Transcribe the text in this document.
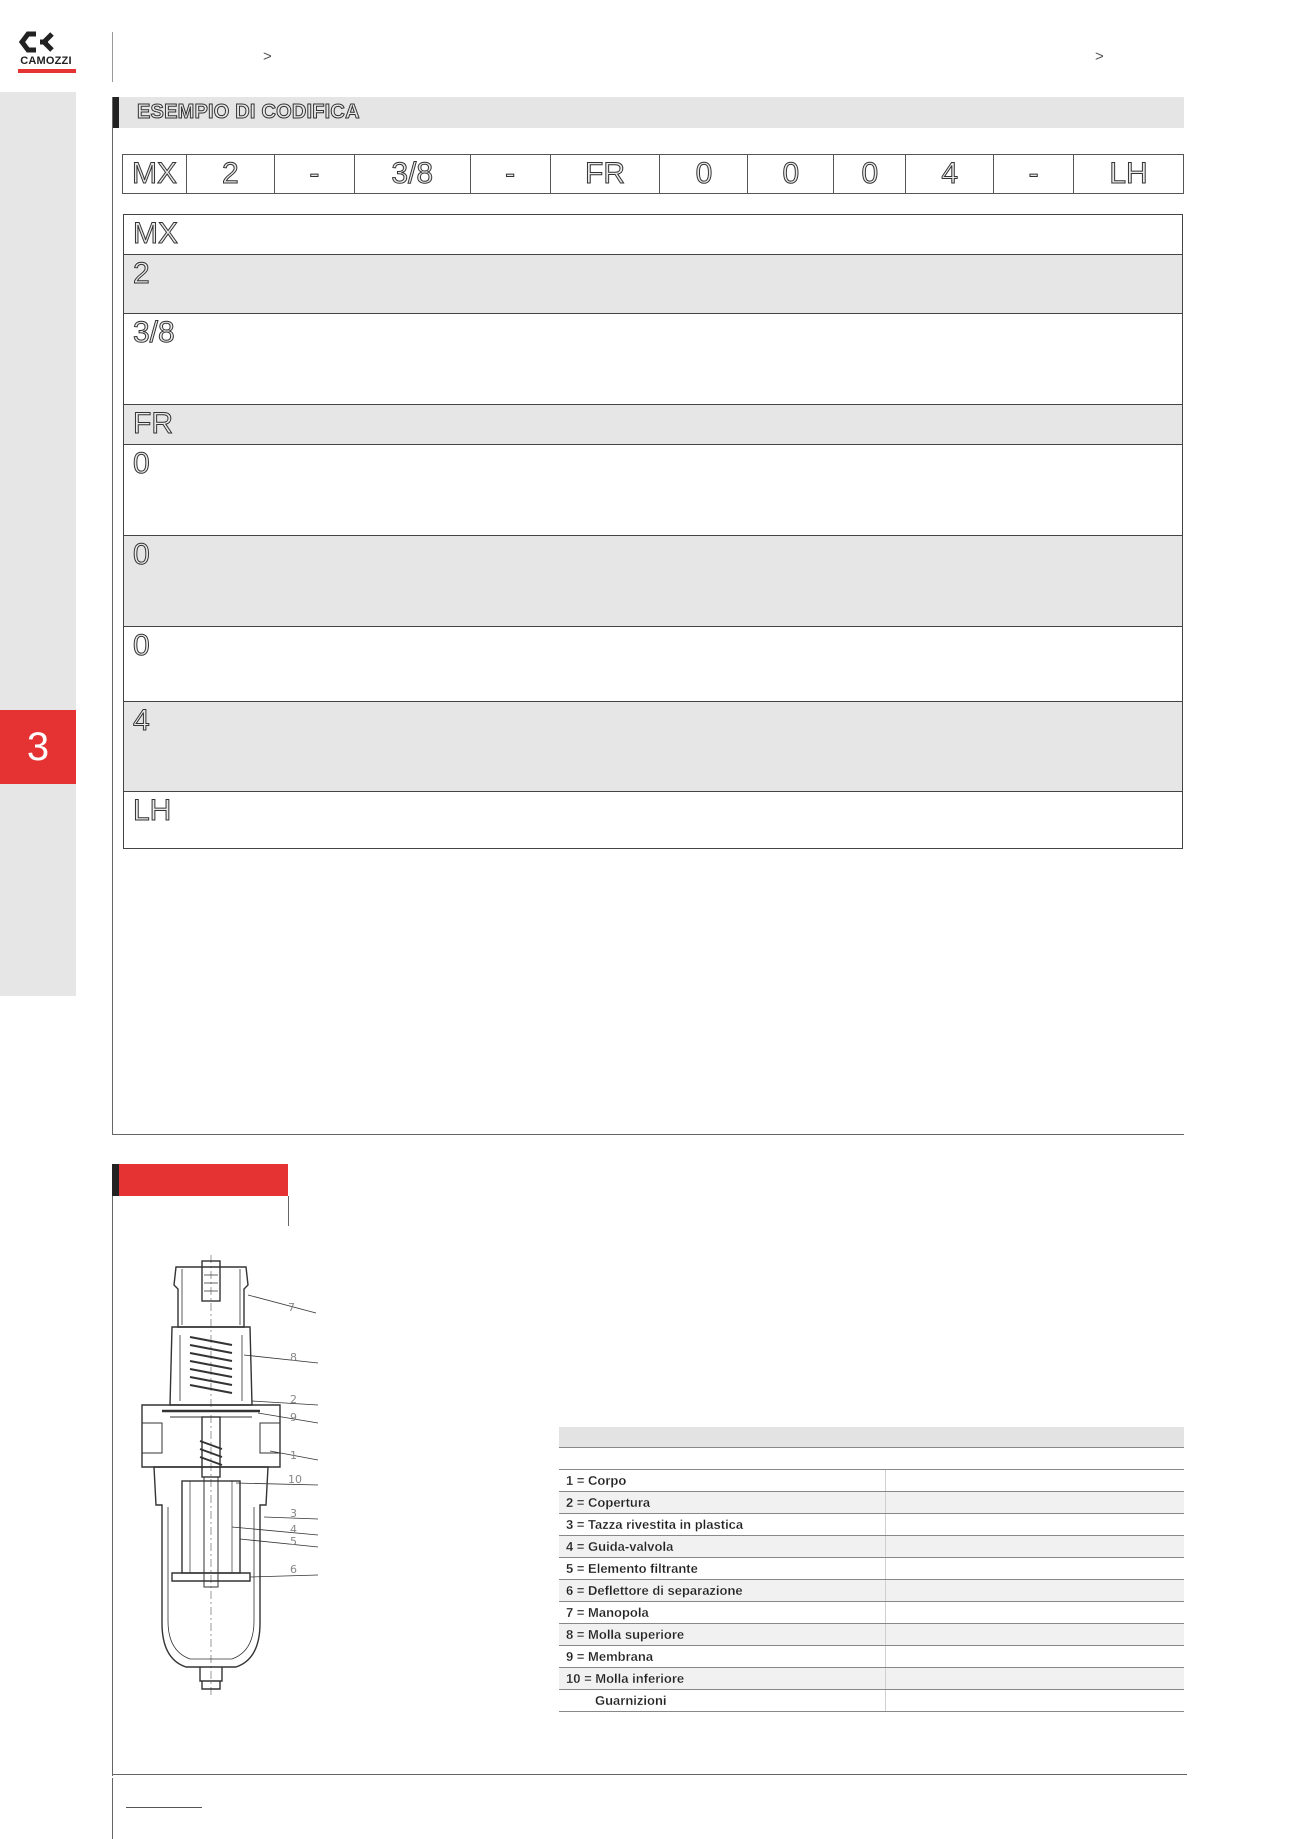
3
CAMOZZI	>	>
ESEMPIO DI CODIFICA
MX	2	-	3/8	-	FR	0	0	0	4	-	LH
MX
2
3/8
FR
0
0
0
4
LH
7
8
2
9
1
10
3
4
5
6
1 = Corpo
2 = Copertura
3 = Tazza rivestita in plastica
4 = Guida-valvola
5 = Elemento filtrante
6 = Deflettore di separazione
7 = Manopola
8 = Molla superiore
9 = Membrana
10 = Molla inferiore
Guarnizioni
